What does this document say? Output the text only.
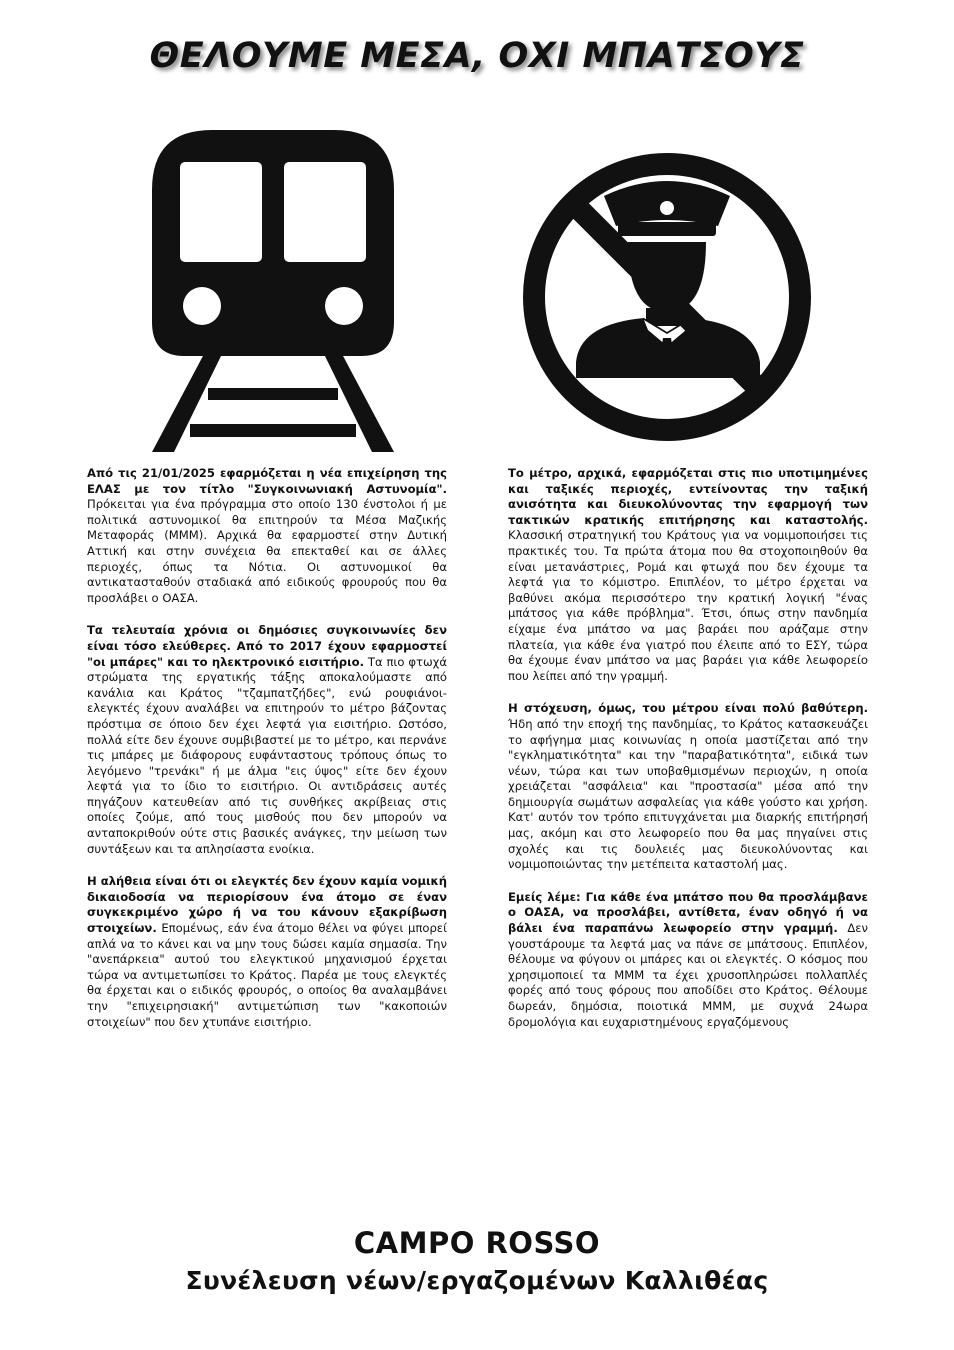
ΘΕΛΟΥΜΕ ΜΕΣΑ, ΟΧΙ ΜΠΑΤΣΟΥΣ

Από τις 21/01/2025 εφαρμόζεται η νέα επιχείρηση της ΕΛΑΣ με τον τίτλο "Συγκοινωνιακή Αστυνομία". Πρόκειται για ένα πρόγραμμα στο οποίο 130 ένστολοι ή με πολιτικά αστυνομικοί θα επιτηρούν τα Μέσα Μαζικής Μεταφοράς (ΜΜΜ). Αρχικά θα εφαρμοστεί στην Δυτική Αττική και στην συνέχεια θα επεκταθεί και σε άλλες περιοχές, όπως τα Νότια. Οι αστυνομικοί θα αντικατασταθούν σταδιακά από ειδικούς φρουρούς που θα προσλάβει ο ΟΑΣΑ.

Τα τελευταία χρόνια οι δημόσιες συγκοινωνίες δεν είναι τόσο ελεύθερες. Από το 2017 έχουν εφαρμοστεί "οι μπάρες" και το ηλεκτρονικό εισιτήριο. Τα πιο φτωχά στρώματα της εργατικής τάξης αποκαλούμαστε από κανάλια και Κράτος "τζαμπατζήδες", ενώ ρουφιάνοι-ελεγκτές έχουν αναλάβει να επιτηρούν το μέτρο βάζοντας πρόστιμα σε όποιο δεν έχει λεφτά για εισιτήριο. Ωστόσο, πολλά είτε δεν έχουνε συμβιβαστεί με το μέτρο, και περνάνε τις μπάρες με διάφορους ευφάνταστους τρόπους όπως το λεγόμενο "τρενάκι" ή με άλμα "εις ύψος" είτε δεν έχουν λεφτά για το ίδιο το εισιτήριο. Οι αντιδράσεις αυτές πηγάζουν κατευθείαν από τις συνθήκες ακρίβειας στις οποίες ζούμε, από τους μισθούς που δεν μπορούν να ανταποκριθούν ούτε στις βασικές ανάγκες, την μείωση των συντάξεων και τα απλησίαστα ενοίκια.

Η αλήθεια είναι ότι οι ελεγκτές δεν έχουν καμία νομική δικαιοδοσία να περιορίσουν ένα άτομο σε έναν συγκεκριμένο χώρο ή να του κάνουν εξακρίβωση στοιχείων. Επομένως, εάν ένα άτομο θέλει να φύγει μπορεί απλά να το κάνει και να μην τους δώσει καμία σημασία. Την "ανεπάρκεια" αυτού του ελεγκτικού μηχανισμού έρχεται τώρα να αντιμετωπίσει το Κράτος. Παρέα με τους ελεγκτές θα έρχεται και ο ειδικός φρουρός, ο οποίος θα αναλαμβάνει την "επιχειρησιακή" αντιμετώπιση των "κακοποιών στοιχείων" που δεν χτυπάνε εισιτήριο.

Το μέτρο, αρχικά, εφαρμόζεται στις πιο υποτιμημένες και ταξικές περιοχές, εντείνοντας την ταξική ανισότητα και διευκολύνοντας την εφαρμογή των τακτικών κρατικής επιτήρησης και καταστολής. Κλασσική στρατηγική του Κράτους για να νομιμοποιήσει τις πρακτικές του. Τα πρώτα άτομα που θα στοχοποιηθούν θα είναι μετανάστριες, Ρομά και φτωχά που δεν έχουμε τα λεφτά για το κόμιστρο. Επιπλέον, το μέτρο έρχεται να βαθύνει ακόμα περισσότερο την κρατική λογική "ένας μπάτσος για κάθε πρόβλημα". Έτσι, όπως στην πανδημία είχαμε ένα μπάτσο να μας βαράει που αράζαμε στην πλατεία, για κάθε ένα γιατρό που έλειπε από το ΕΣΥ, τώρα θα έχουμε έναν μπάτσο να μας βαράει για κάθε λεωφορείο που λείπει από την γραμμή.

Η στόχευση, όμως, του μέτρου είναι πολύ βαθύτερη. Ήδη από την εποχή της πανδημίας, το Κράτος κατασκευάζει το αφήγημα μιας κοινωνίας η οποία μαστίζεται από την "εγκληματικότητα" και την "παραβατικότητα", ειδικά των νέων, τώρα και των υποβαθμισμένων περιοχών, η οποία χρειάζεται "ασφάλεια" και "προστασία" μέσα από την δημιουργία σωμάτων ασφαλείας για κάθε γούστο και χρήση. Κατ' αυτόν τον τρόπο επιτυγχάνεται μια διαρκής επιτήρησή μας, ακόμη και στο λεωφορείο που θα μας πηγαίνει στις σχολές και τις δουλειές μας διευκολύνοντας και νομιμοποιώντας την μετέπειτα καταστολή μας.

Εμείς λέμε: Για κάθε ένα μπάτσο που θα προσλάμβανε ο ΟΑΣΑ, να προσλάβει, αντίθετα, έναν οδηγό ή να βάλει ένα παραπάνω λεωφορείο στην γραμμή. Δεν γουστάρουμε τα λεφτά μας να πάνε σε μπάτσους. Επιπλέον, θέλουμε να φύγουν οι μπάρες και οι ελεγκτές. Ο κόσμος που χρησιμοποιεί τα ΜΜΜ τα έχει χρυσοπληρώσει πολλαπλές φορές από τους φόρους που αποδίδει στο Κράτος. Θέλουμε δωρεάν, δημόσια, ποιοτικά ΜΜΜ, με συχνά 24ωρα δρομολόγια και ευχαριστημένους εργαζόμενους

CAMPO ROSSO
Συνέλευση νέων/εργαζομένων Καλλιθέας
